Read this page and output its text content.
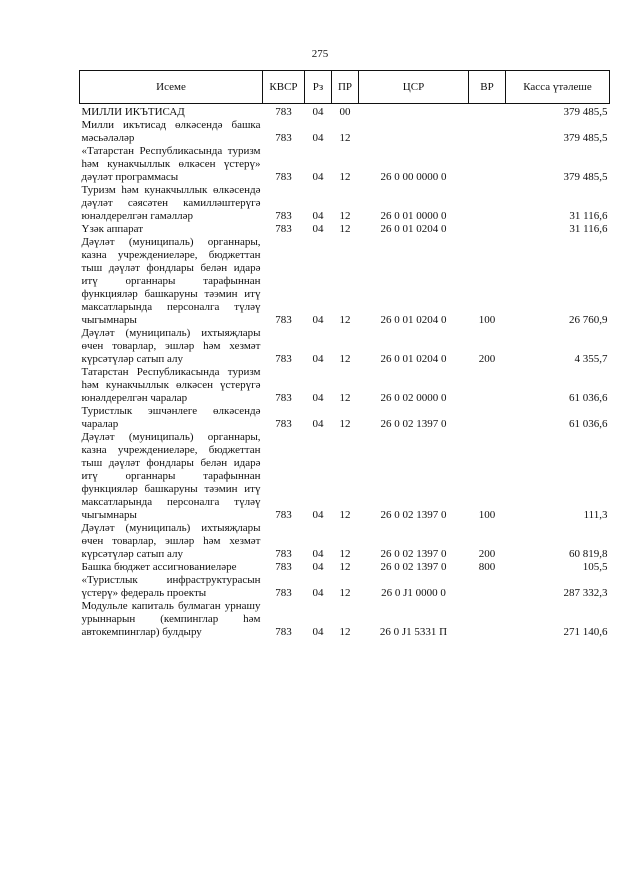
275
Исеме	КВСР	Рз	ПР	ЦСР	ВР	Касса үтәлеше
МИЛЛИ ИКЪТИСАД	783	04	00			379 485,5
Милли икътисад өлкәсендә башка мәсьәләләр	783	04	12			379 485,5
«Татарстан Республикасында туризм һәм кунакчыллык өлкәсен үстерү» дәүләт программасы	783	04	12	26 0 00 0000 0		379 485,5
Туризм һәм кунакчыллык өлкәсендә дәүләт сәясәтен камилләштерүгә юнәлдерелгән гамәлләр	783	04	12	26 0 01 0000 0		31 116,6
Үзәк аппарат	783	04	12	26 0 01 0204 0		31 116,6
Дәүләт (муниципаль) органнары, казна учреждениеләре, бюджеттан тыш дәүләт фондлары белән идарә итү органнары тарафыннан функцияләр башкаруны тәэмин итү максатларында персоналга түләү чыгымнары	783	04	12	26 0 01 0204 0	100	26 760,9
Дәүләт (муниципаль) ихтыяҗлары өчен товарлар, эшләр һәм хезмәт күрсәтүләр сатып алу	783	04	12	26 0 01 0204 0	200	4 355,7
Татарстан Республикасында туризм һәм кунакчыллык өлкәсен үстерүгә юнәлдерелгән чаралар	783	04	12	26 0 02 0000 0		61 036,6
Туристлык эшчәнлеге өлкәсендә чаралар	783	04	12	26 0 02 1397 0		61 036,6
Дәүләт (муниципаль) органнары, казна учреждениеләре, бюджеттан тыш дәүләт фондлары белән идарә итү органнары тарафыннан функцияләр башкаруны тәэмин итү максатларында персоналга түләү чыгымнары	783	04	12	26 0 02 1397 0	100	111,3
Дәүләт (муниципаль) ихтыяҗлары өчен товарлар, эшләр һәм хезмәт күрсәтүләр сатып алу	783	04	12	26 0 02 1397 0	200	60 819,8
Башка бюджет ассигнованиеләре	783	04	12	26 0 02 1397 0	800	105,5
«Туристлык инфраструктурасын үстерү» федераль проекты	783	04	12	26 0 J1 0000 0		287 332,3
Модульле капиталь булмаган урнашу урыннарын (кемпинглар һәм автокемпинглар) булдыру	783	04	12	26 0 J1 5331 П		271 140,6
